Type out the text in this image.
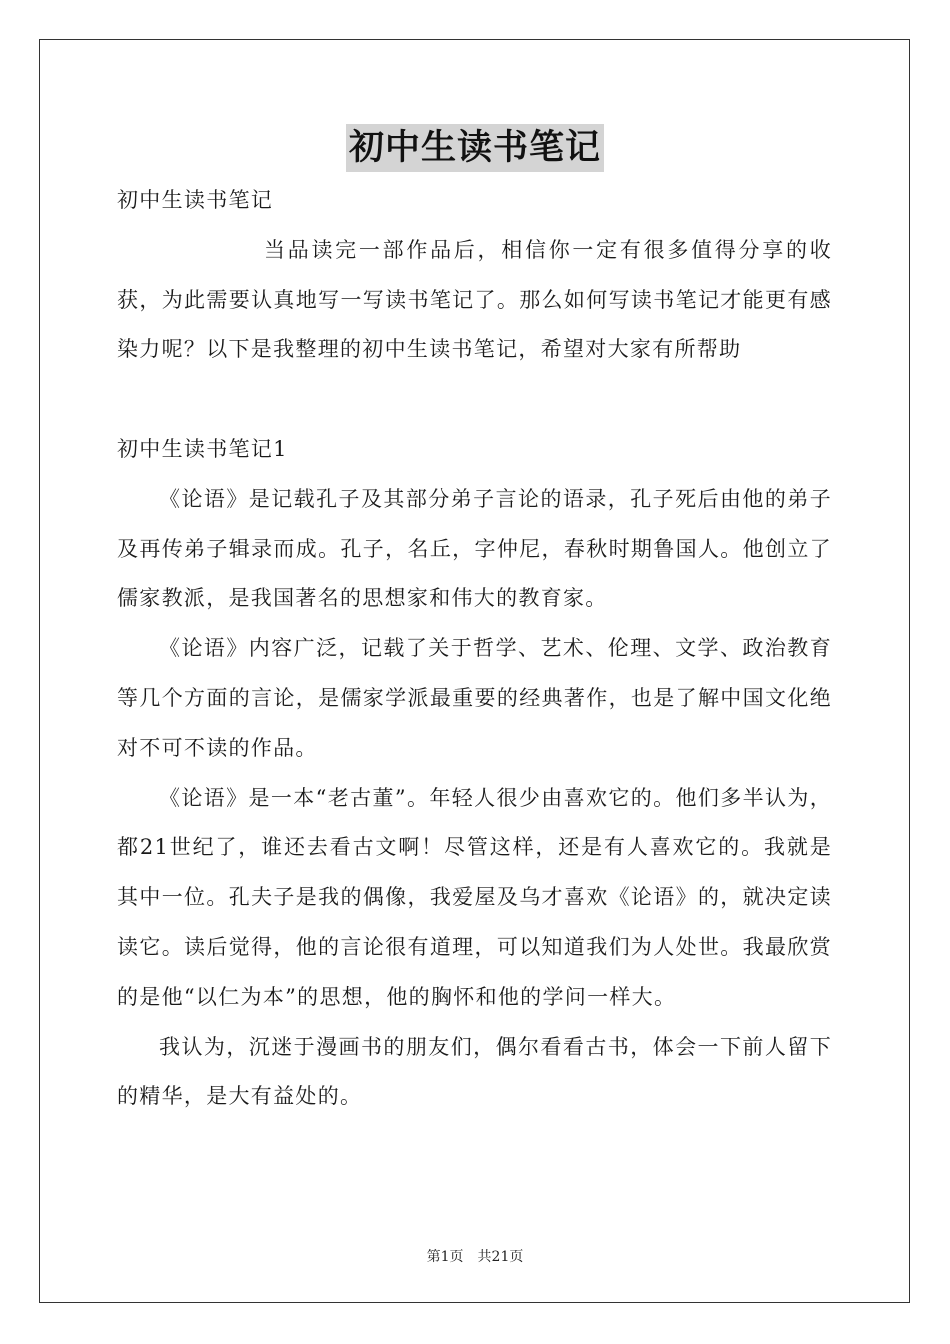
初中生读书笔记

初中生读书笔记

当品读完一部作品后，相信你一定有很多值得分享的收获，为此需要认真地写一写读书笔记了。那么如何写读书笔记才能更有感染力呢？以下是我整理的初中生读书笔记，希望对大家有所帮助

初中生读书笔记1

《论语》是记载孔子及其部分弟子言论的语录，孔子死后由他的弟子及再传弟子辑录而成。孔子，名丘，字仲尼，春秋时期鲁国人。他创立了儒家教派，是我国著名的思想家和伟大的教育家。

《论语》内容广泛，记载了关于哲学、艺术、伦理、文学、政治教育等几个方面的言论，是儒家学派最重要的经典著作，也是了解中国文化绝对不可不读的作品。

《论语》是一本“老古董”。年轻人很少由喜欢它的。他们多半认为，都21世纪了，谁还去看古文啊！尽管这样，还是有人喜欢它的。我就是其中一位。孔夫子是我的偶像，我爱屋及乌才喜欢《论语》的，就决定读读它。读后觉得，他的言论很有道理，可以知道我们为人处世。我最欣赏的是他“以仁为本”的思想，他的胸怀和他的学问一样大。

我认为，沉迷于漫画书的朋友们，偶尔看看古书，体会一下前人留下的精华，是大有益处的。

第1页 共21页
